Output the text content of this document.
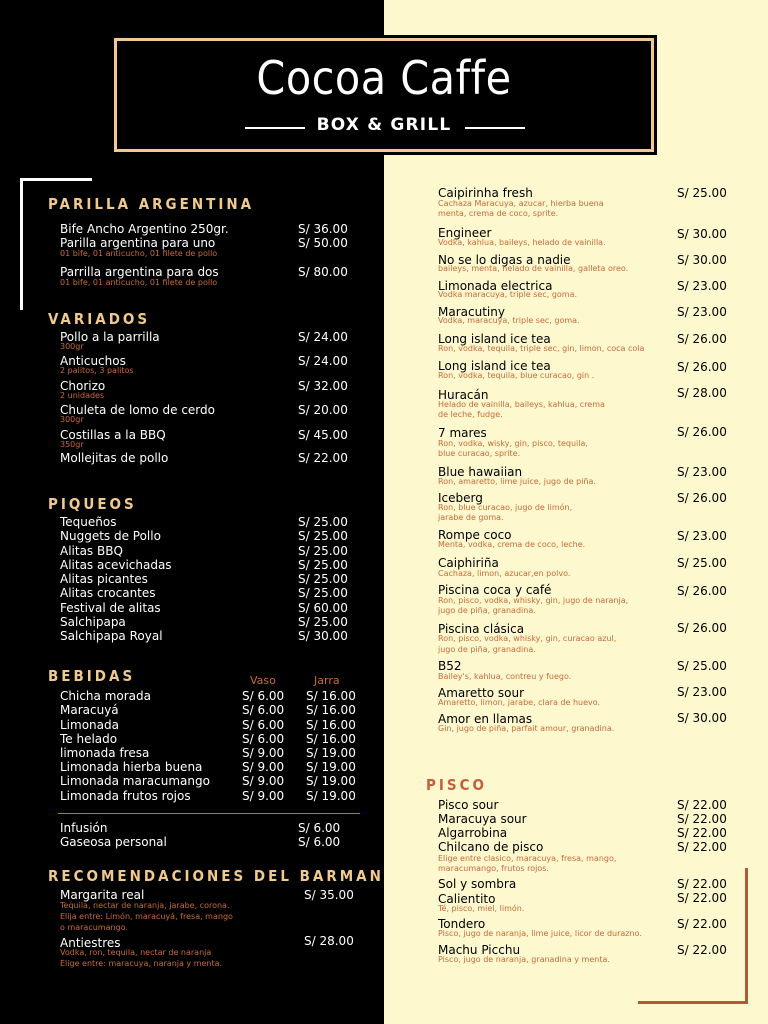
Cocoa Caffe
BOX & GRILL
PARILLA ARGENTINA
Bife Ancho Argentino 250gr.	S/ 36.00
Parilla argentina para uno	S/ 50.00
01 bife, 01 anticucho, 01 filete de pollo
Parrilla argentina para dos	S/ 80.00
01 bife, 01 anticucho, 01 filete de pollo
VARIADOS
Pollo a la parrilla	S/ 24.00
300gr
Anticuchos	S/ 24.00
2 palitos, 3 palitos
Chorizo	S/ 32.00
2 unidades
Chuleta de lomo de cerdo	S/ 20.00
300gr
Costillas a la BBQ	S/ 45.00
350gr
Mollejitas de pollo	S/ 22.00
PIQUEOS
Tequeños	S/ 25.00
Nuggets de Pollo	S/ 25.00
Alitas BBQ	S/ 25.00
Alitas acevichadas	S/ 25.00
Alitas picantes	S/ 25.00
Alitas crocantes	S/ 25.00
Festival de alitas	S/ 60.00
Salchipapa	S/ 25.00
Salchipapa Royal	S/ 30.00
BEBIDAS	Vaso	Jarra
Chicha morada	S/ 6.00 S/ 16.00
Maracuyá	S/ 6.00 S/ 16.00
Limonada	S/ 6.00 S/ 16.00
Te helado	S/ 6.00 S/ 16.00
limonada fresa	S/ 9.00 S/ 19.00
Limonada hierba buena	S/ 9.00 S/ 19.00
Limonada maracumango	S/ 9.00 S/ 19.00
Limonada frutos rojos	S/ 9.00 S/ 19.00
Infusión	S/ 6.00
Gaseosa personal	S/ 6.00
RECOMENDACIONES DEL BARMAN
Margarita real	S/ 35.00
Tequila, nectar de naranja, jarabe, corona.
Elija entre: Limón, maracuyá, fresa, mango
o maracumango.
Antiestres	S/ 28.00
Vodka, ron, tequila, nectar de naranja
Elige entre: maracuya, naranja y menta.
Caipirinha fresh	S/ 25.00
Cachaza Maracuya, azucar, hierba buena
menta, crema de coco, sprite.
Engineer	S/ 30.00
Vodka, kahlua, baileys, helado de vainilla.
No se lo digas a nadie	S/ 30.00
baileys, menta, helado de vainilla, galleta oreo.
Limonada electrica	S/ 23.00
Vodka maracuya, triple sec, goma.
Maracutiny	S/ 23.00
Vodka, maracuya, triple sec, goma.
Long island ice tea	S/ 26.00
Ron, vodka, tequila, triple sec, gin, limon, coca cola
Long island ice tea	S/ 26.00
Ron, vodka, tequila, blue curacao, gin .
Huracán	S/ 28.00
Helado de vainilla, baileys, kahlua, crema
de leche, fudge.
7 mares	S/ 26.00
Ron, vodka, wisky, gin, pisco, tequila,
blue curacao, sprite.
Blue hawaiian	S/ 23.00
Ron, amaretto, lime juice, jugo de piña.
Iceberg	S/ 26.00
Ron, blue curacao, jugo de limón,
jarabe de goma.
Rompe coco	S/ 23.00
Menta, vodka, crema de coco, leche.
Caiphiriña	S/ 25.00
Cachaza, limon, azucar,en polvo.
Piscina coca y café	S/ 26.00
Ron, pisco, vodka, whisky, gin, jugo de naranja,
jugo de piña, granadina.
Piscina clásica	S/ 26.00
Ron, pisco, vodka, whisky, gin, curacao azul,
jugo de piña, granadina.
B52	S/ 25.00
Bailey's, kahlua, contreu y fuego.
Amaretto sour	S/ 23.00
Amaretto, limon, jarabe, clara de huevo.
Amor en llamas	S/ 30.00
Gin, jugo de piña, parfait amour, granadina.
PISCO
Pisco sour	S/ 22.00
Maracuya sour	S/ 22.00
Algarrobina	S/ 22.00
Chilcano de pisco	S/ 22.00
Elige entre clasico, maracuya, fresa, mango,
maracumango, frutos rojos.
Sol y sombra	S/ 22.00
Calientito	S/ 22.00
Té, pisco, miel, limón.
Tondero	S/ 22.00
Pisco, jugo de naranja, lime juice, licor de durazno.
Machu Picchu	S/ 22.00
Pisco, jugo de naranja, granadina y menta.
